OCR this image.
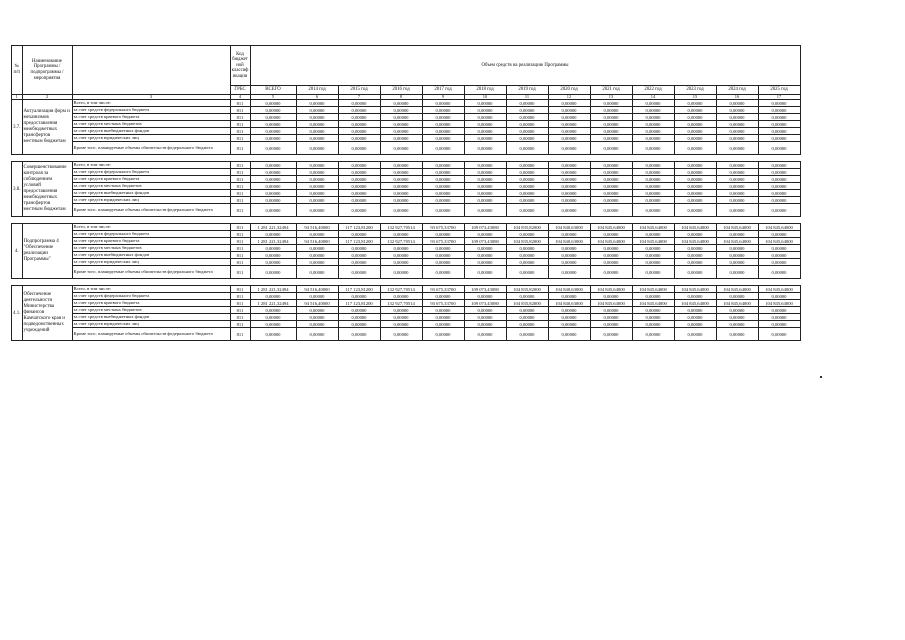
№ п/п	Наименование Программы / подпрограммы / мероприятия		Код бюджет ной классиф икации	Объем средств на реализацию Программы												
			ГРБС	ВСЕГО	2014 год	2015 год	2016 год	2017 год	2018 год	2019 год	2020 год	2021 год	2022 год	2023 год	2024 год	2025 год
1	2	3	4	5	6	7	8	9	10	11	12	13	14	15	16	17
3.7.	Актуализация форм и механизмов предоставления межбюджетных трансфертов местным бюджетам	Всего, в том числе:	811	0,00000	0,00000	0,00000	0,00000	0,00000	0,00000	0,00000	0,00000	0,00000	0,00000	0,00000	0,00000	0,00000
		за счет средств федерального бюджета	811	0,00000	0,00000	0,00000	0,00000	0,00000	0,00000	0,00000	0,00000	0,00000	0,00000	0,00000	0,00000	0,00000
		за счет средств краевого бюджета	811	0,00000	0,00000	0,00000	0,00000	0,00000	0,00000	0,00000	0,00000	0,00000	0,00000	0,00000	0,00000	0,00000
		за счет средств местных бюджетов	811	0,00000	0,00000	0,00000	0,00000	0,00000	0,00000	0,00000	0,00000	0,00000	0,00000	0,00000	0,00000	0,00000
		за счет средств внебюджетных фондов	811	0,00000	0,00000	0,00000	0,00000	0,00000	0,00000	0,00000	0,00000	0,00000	0,00000	0,00000	0,00000	0,00000
		за счет средств юридических лиц	811	0,00000	0,00000	0,00000	0,00000	0,00000	0,00000	0,00000	0,00000	0,00000	0,00000	0,00000	0,00000	0,00000
		Кроме того, планируемые объемы обязательств федерального бюджета	811	0,00000	0,00000	0,00000	0,00000	0,00000	0,00000	0,00000	0,00000	0,00000	0,00000	0,00000	0,00000	0,00000

3.8.	Совершенствование контроля за соблюдением условий предоставления межбюджетных трансфертов местным бюджетам	Всего, в том числе:	811	0,00000	0,00000	0,00000	0,00000	0,00000	0,00000	0,00000	0,00000	0,00000	0,00000	0,00000	0,00000	0,00000
		за счет средств федерального бюджета	811	0,00000	0,00000	0,00000	0,00000	0,00000	0,00000	0,00000	0,00000	0,00000	0,00000	0,00000	0,00000	0,00000
		за счет средств краевого бюджета	811	0,00000	0,00000	0,00000	0,00000	0,00000	0,00000	0,00000	0,00000	0,00000	0,00000	0,00000	0,00000	0,00000
		за счет средств местных бюджетов	811	0,00000	0,00000	0,00000	0,00000	0,00000	0,00000	0,00000	0,00000	0,00000	0,00000	0,00000	0,00000	0,00000
		за счет средств внебюджетных фондов	811	0,00000	0,00000	0,00000	0,00000	0,00000	0,00000	0,00000	0,00000	0,00000	0,00000	0,00000	0,00000	0,00000
		за счет средств юридических лиц	811	0,00000	0,00000	0,00000	0,00000	0,00000	0,00000	0,00000	0,00000	0,00000	0,00000	0,00000	0,00000	0,00000
		Кроме того, планируемые объемы обязательств федерального бюджета	811	0,00000	0,00000	0,00000	0,00000	0,00000	0,00000	0,00000	0,00000	0,00000	0,00000	0,00000	0,00000	0,00000

4.	Подпрограмма 4 "Обеспечение реализации Программы"	Всего, в том числе:	811	1 281 221,32494	94 516,40000	117 123,81200	132 927,70514	93 675,33700	109 073,43080	104 835,82000	104 840,63000	104 845,64000	104 845,64000	104 845,64000	104 845,64000	104 845,64000
		за счет средств федерального бюджета	811	0,00000	0,00000	0,00000	0,00000	0,00000	0,00000	0,00000	0,00000	0,00000	0,00000	0,00000	0,00000	0,00000
		за счет средств краевого бюджета	811	1 281 221,32494	94 516,40000	117 123,81200	132 927,70514	93 675,33700	109 073,43080	104 835,82000	104 840,63000	104 845,64000	104 845,64000	104 845,64000	104 845,64000	104 845,64000
		за счет средств местных бюджетов	811	0,00000	0,00000	0,00000	0,00000	0,00000	0,00000	0,00000	0,00000	0,00000	0,00000	0,00000	0,00000	0,00000
		за счет средств внебюджетных фондов	811	0,00000	0,00000	0,00000	0,00000	0,00000	0,00000	0,00000	0,00000	0,00000	0,00000	0,00000	0,00000	0,00000
		за счет средств юридических лиц	811	0,00000	0,00000	0,00000	0,00000	0,00000	0,00000	0,00000	0,00000	0,00000	0,00000	0,00000	0,00000	0,00000
		Кроме того, планируемые объемы обязательств федерального бюджета	811	0,00000	0,00000	0,00000	0,00000	0,00000	0,00000	0,00000	0,00000	0,00000	0,00000	0,00000	0,00000	0,00000

4.1.	Обеспечение деятельности Министерства финансов Камчатского края и подведомственных учреждений	Всего, в том числе:	811	1 281 221,32494	94 516,40000	117 123,81200	132 927,70514	93 675,33700	109 073,43080	104 835,82000	104 840,63000	104 845,64000	104 845,64000	104 845,64000	104 845,64000	104 845,64000
		за счет средств федерального бюджета	811	0,00000	0,00000	0,00000	0,00000	0,00000	0,00000	0,00000	0,00000	0,00000	0,00000	0,00000	0,00000	0,00000
		за счет средств краевого бюджета	811	1 281 221,32494	94 516,40000	117 123,81200	132 927,70514	93 675,33700	109 073,43080	104 835,82000	104 840,63000	104 845,64000	104 845,64000	104 845,64000	104 845,64000	104 845,64000
		за счет средств местных бюджетов	811	0,00000	0,00000	0,00000	0,00000	0,00000	0,00000	0,00000	0,00000	0,00000	0,00000	0,00000	0,00000	0,00000
		за счет средств внебюджетных фондов	811	0,00000	0,00000	0,00000	0,00000	0,00000	0,00000	0,00000	0,00000	0,00000	0,00000	0,00000	0,00000	0,00000
		за счет средств юридических лиц	811	0,00000	0,00000	0,00000	0,00000	0,00000	0,00000	0,00000	0,00000	0,00000	0,00000	0,00000	0,00000	0,00000
		Кроме того, планируемые объемы обязательств федерального бюджета	811	0,00000	0,00000	0,00000	0,00000	0,00000	0,00000	0,00000	0,00000	0,00000	0,00000	0,00000	0,00000	0,00000
